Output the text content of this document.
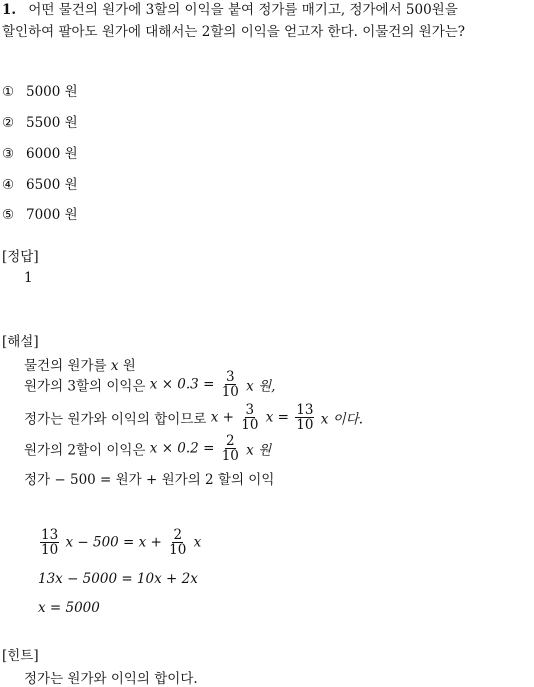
1. 어떤 물건의 원가에 3할의 이익을 붙여 정가를 매기고, 정가에서 500원을
할인하여 팔아도 원가에 대해서는 2할의 이익을 얻고자 한다. 이물건의 원가는?
① 5000 원
② 5500 원
③ 6000 원
④ 6500 원
⑤ 7000 원
[정답]
1
[해설]
물건의 원가를 x 원
원가의 3할의 이익은 $x \times 0.3 = \frac{3}{10}$ x 원,
정가는 원가와 이익의 합이므로 $x + \frac{3}{10}$ $x = \frac{13}{10}$ x 이다.
원가의 2할이 이익은 $x \times 0.2 = \frac{2}{10}$ x 원
정가 − 500 = 원가 + 원가의 2 할의 이익
$\frac{13}{10}$ $x - 500 = x + \frac{2}{10}$ x
13x − 5000 = 10x + 2x
x = 5000
[힌트]
정가는 원가와 이익의 합이다.
